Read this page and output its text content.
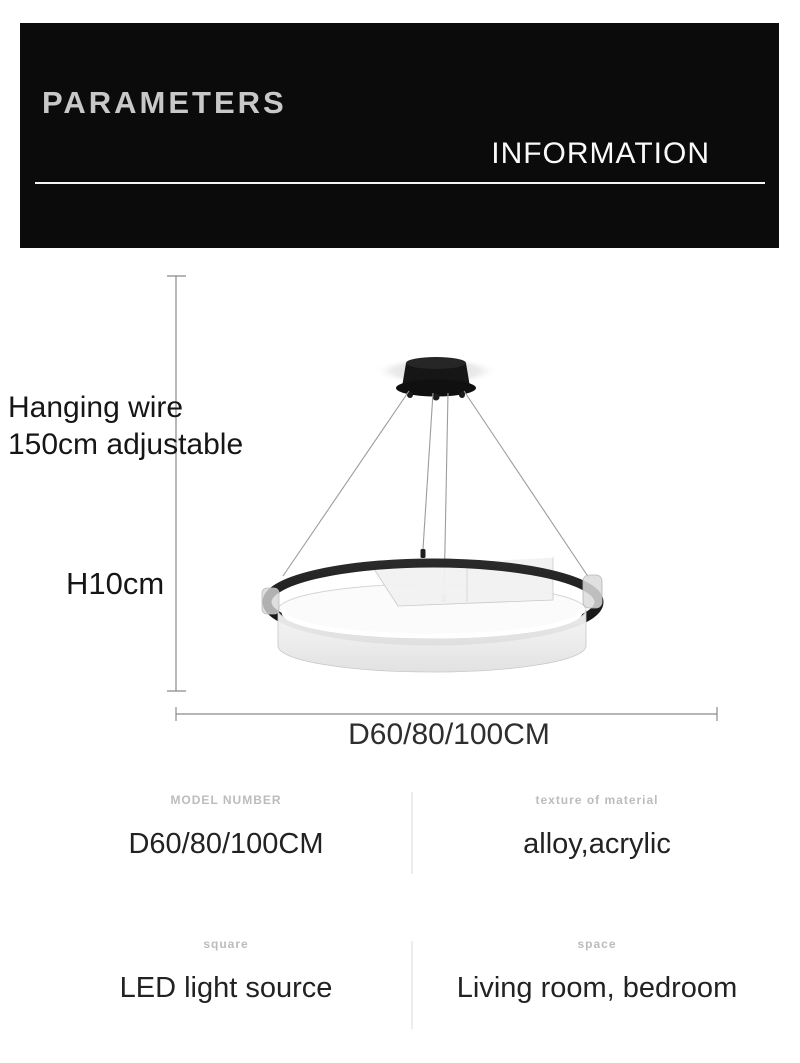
PARAMETERS
INFORMATION
Hanging wire
150cm adjustable
H10cm
D60/80/100CM
MODEL NUMBER
D60/80/100CM
texture of material
alloy,acrylic
square
LED light source
space
Living room, bedroom
